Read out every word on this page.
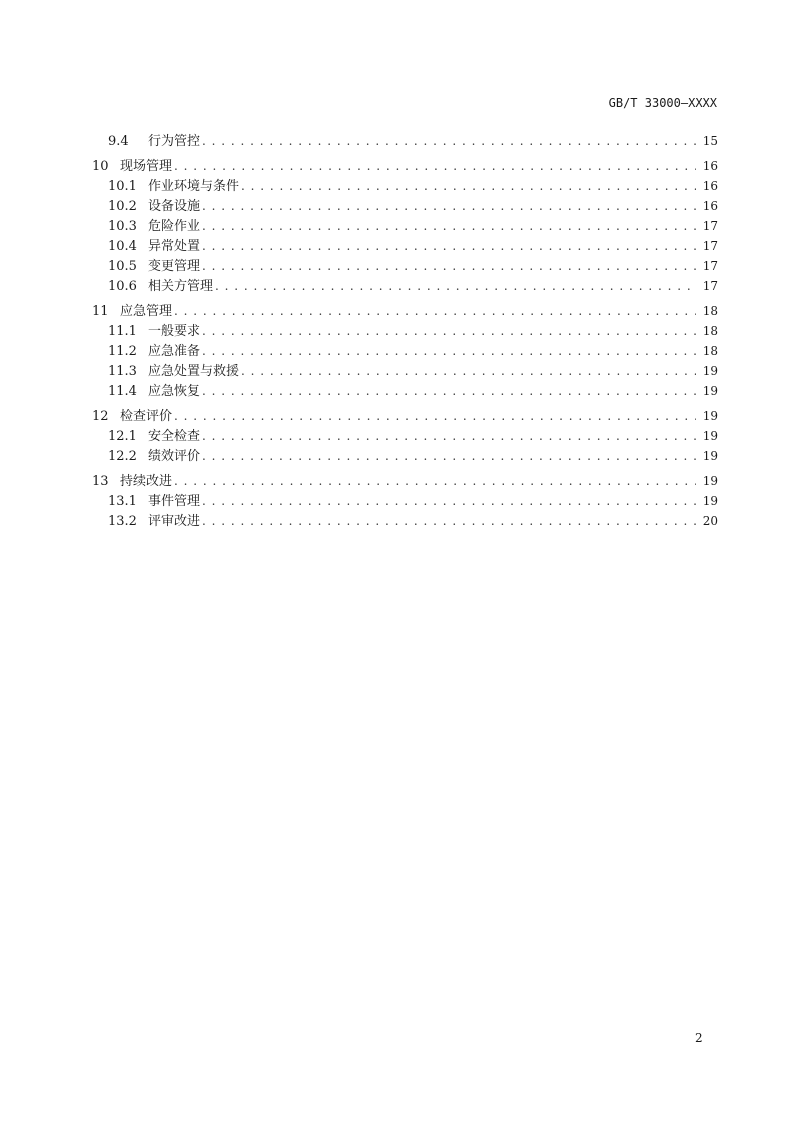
GB/T 33000—XXXX
9.4	行为管控 . . .	15
10 现场管理 . . .	16
10.1 作业环境与条件 . . .	16
10.2 设备设施 . . .	16
10.3 危险作业 . . .	17
10.4 异常处置 . . .	17
10.5 变更管理 . . .	17
10.6 相关方管理 . . .	17
11 应急管理 . . .	18
11.1 一般要求 . . .	18
11.2 应急准备 . . .	18
11.3 应急处置与救援 . . .	19
11.4 应急恢复 . . .	19
12 检查评价 . . .	19
12.1 安全检查 . . .	19
12.2 绩效评价 . . .	19
13 持续改进 . . .	19
13.1 事件管理 . . .	19
13.2 评审改进 . . .	20
2
